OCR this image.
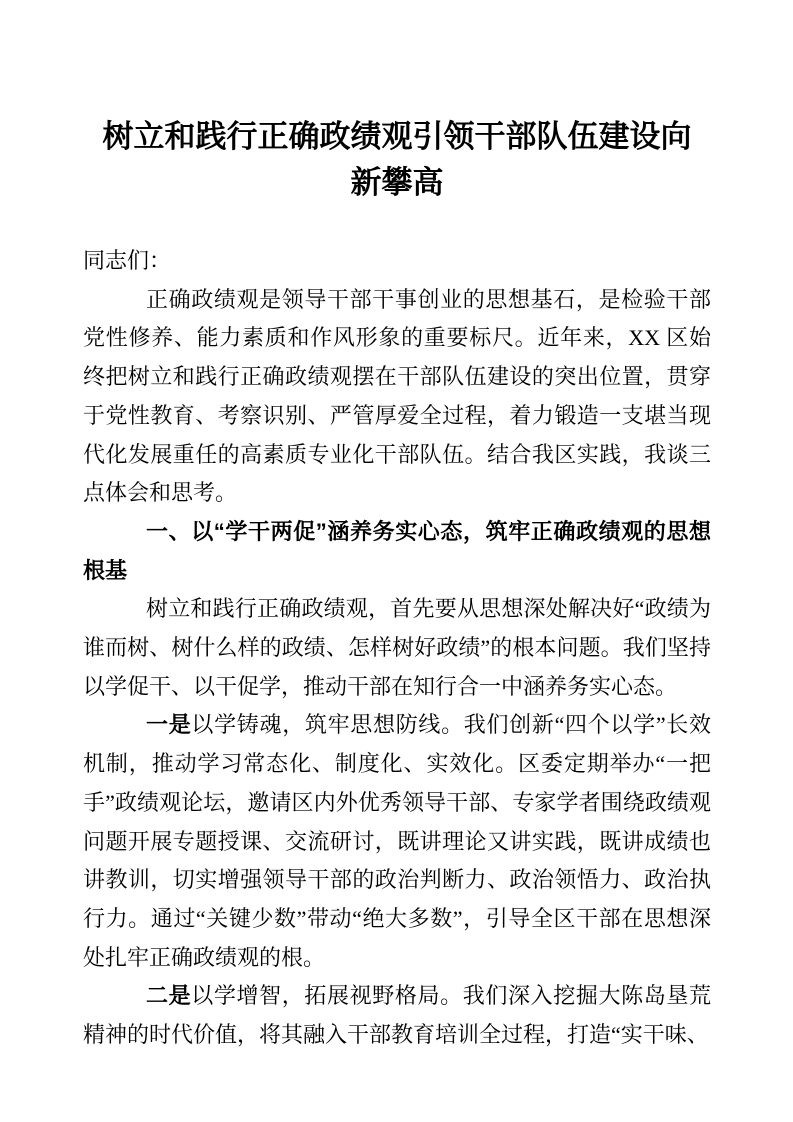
树立和践行正确政绩观引领干部队伍建设向新攀高

同志们：

正确政绩观是领导干部干事创业的思想基石，是检验干部党性修养、能力素质和作风形象的重要标尺。近年来，XX 区始终把树立和践行正确政绩观摆在干部队伍建设的突出位置，贯穿于党性教育、考察识别、严管厚爱全过程，着力锻造一支堪当现代化发展重任的高素质专业化干部队伍。结合我区实践，我谈三点体会和思考。

一、以“学干两促”涵养务实心态，筑牢正确政绩观的思想根基

树立和践行正确政绩观，首先要从思想深处解决好“政绩为谁而树、树什么样的政绩、怎样树好政绩”的根本问题。我们坚持以学促干、以干促学，推动干部在知行合一中涵养务实心态。

一是以学铸魂，筑牢思想防线。我们创新“四个以学”长效机制，推动学习常态化、制度化、实效化。区委定期举办“一把手”政绩观论坛，邀请区内外优秀领导干部、专家学者围绕政绩观问题开展专题授课、交流研讨，既讲理论又讲实践，既讲成绩也讲教训，切实增强领导干部的政治判断力、政治领悟力、政治执行力。通过“关键少数”带动“绝大多数”，引导全区干部在思想深处扎牢正确政绩观的根。

二是以学增智，拓展视野格局。我们深入挖掘大陈岛垦荒精神的时代价值，将其融入干部教育培训全过程，打造“实干味、
